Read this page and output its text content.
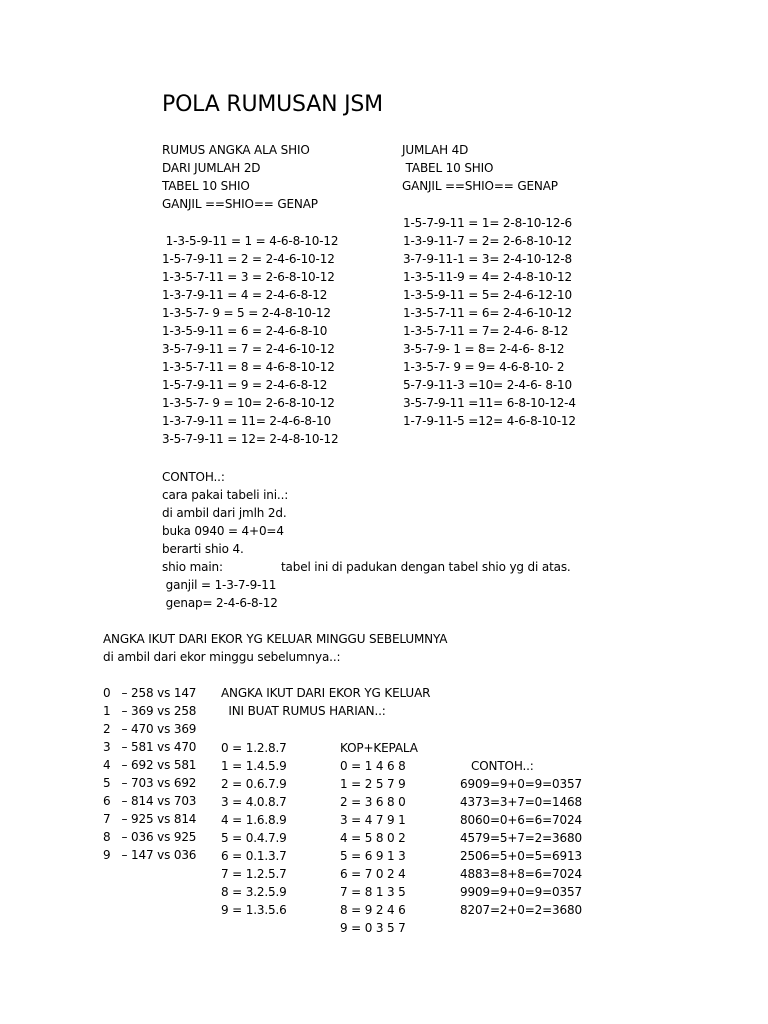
POLA RUMUSAN JSM
RUMUS ANGKA ALA SHIO
DARI JUMLAH 2D
TABEL 10 SHIO
GANJIL ==SHIO== GENAP
1-3-5-9-11 = 1 = 4-6-8-10-12
1-5-7-9-11 = 2 = 2-4-6-10-12
1-3-5-7-11 = 3 = 2-6-8-10-12
1-3-7-9-11 = 4 = 2-4-6-8-12
1-3-5-7- 9 = 5 = 2-4-8-10-12
1-3-5-9-11 = 6 = 2-4-6-8-10
3-5-7-9-11 = 7 = 2-4-6-10-12
1-3-5-7-11 = 8 = 4-6-8-10-12
1-5-7-9-11 = 9 = 2-4-6-8-12
1-3-5-7- 9 = 10= 2-6-8-10-12
1-3-7-9-11 = 11= 2-4-6-8-10
3-5-7-9-11 = 12= 2-4-8-10-12
JUMLAH 4D
TABEL 10 SHIO
GANJIL ==SHIO== GENAP
1-5-7-9-11 = 1= 2-8-10-12-6
1-3-9-11-7 = 2= 2-6-8-10-12
3-7-9-11-1 = 3= 2-4-10-12-8
1-3-5-11-9 = 4= 2-4-8-10-12
1-3-5-9-11 = 5= 2-4-6-12-10
1-3-5-7-11 = 6= 2-4-6-10-12
1-3-5-7-11 = 7= 2-4-6- 8-12
3-5-7-9- 1 = 8= 2-4-6- 8-12
1-3-5-7- 9 = 9= 4-6-8-10- 2
5-7-9-11-3 =10= 2-4-6- 8-10
3-5-7-9-11 =11= 6-8-10-12-4
1-7-9-11-5 =12= 4-6-8-10-12
CONTOH..:
cara pakai tabeli ini..:
di ambil dari jmlh 2d.
buka 0940 = 4+0=4
berarti shio 4.
shio main:
ganjil = 1-3-7-9-11
genap= 2-4-6-8-12
tabel ini di padukan dengan tabel shio yg di atas.
ANGKA IKUT DARI EKOR YG KELUAR MINGGU SEBELUMNYA
di ambil dari ekor minggu sebelumnya..:
0   – 258 vs 147
1   – 369 vs 258
2   – 470 vs 369
3   – 581 vs 470
4   – 692 vs 581
5   – 703 vs 692
6   – 814 vs 703
7   – 925 vs 814
8   – 036 vs 925
9   – 147 vs 036
ANGKA IKUT DARI EKOR YG KELUAR
INI BUAT RUMUS HARIAN..:
0 = 1.2.8.7
1 = 1.4.5.9
2 = 0.6.7.9
3 = 4.0.8.7
4 = 1.6.8.9
5 = 0.4.7.9
6 = 0.1.3.7
7 = 1.2.5.7
8 = 3.2.5.9
9 = 1.3.5.6
KOP+KEPALA
0 = 1 4 6 8
1 = 2 5 7 9
2 = 3 6 8 0
3 = 4 7 9 1
4 = 5 8 0 2
5 = 6 9 1 3
6 = 7 0 2 4
7 = 8 1 3 5
8 = 9 2 4 6
9 = 0 3 5 7
CONTOH..:
6909=9+0=9=0357
4373=3+7=0=1468
8060=0+6=6=7024
4579=5+7=2=3680
2506=5+0=5=6913
4883=8+8=6=7024
9909=9+0=9=0357
8207=2+0=2=3680
